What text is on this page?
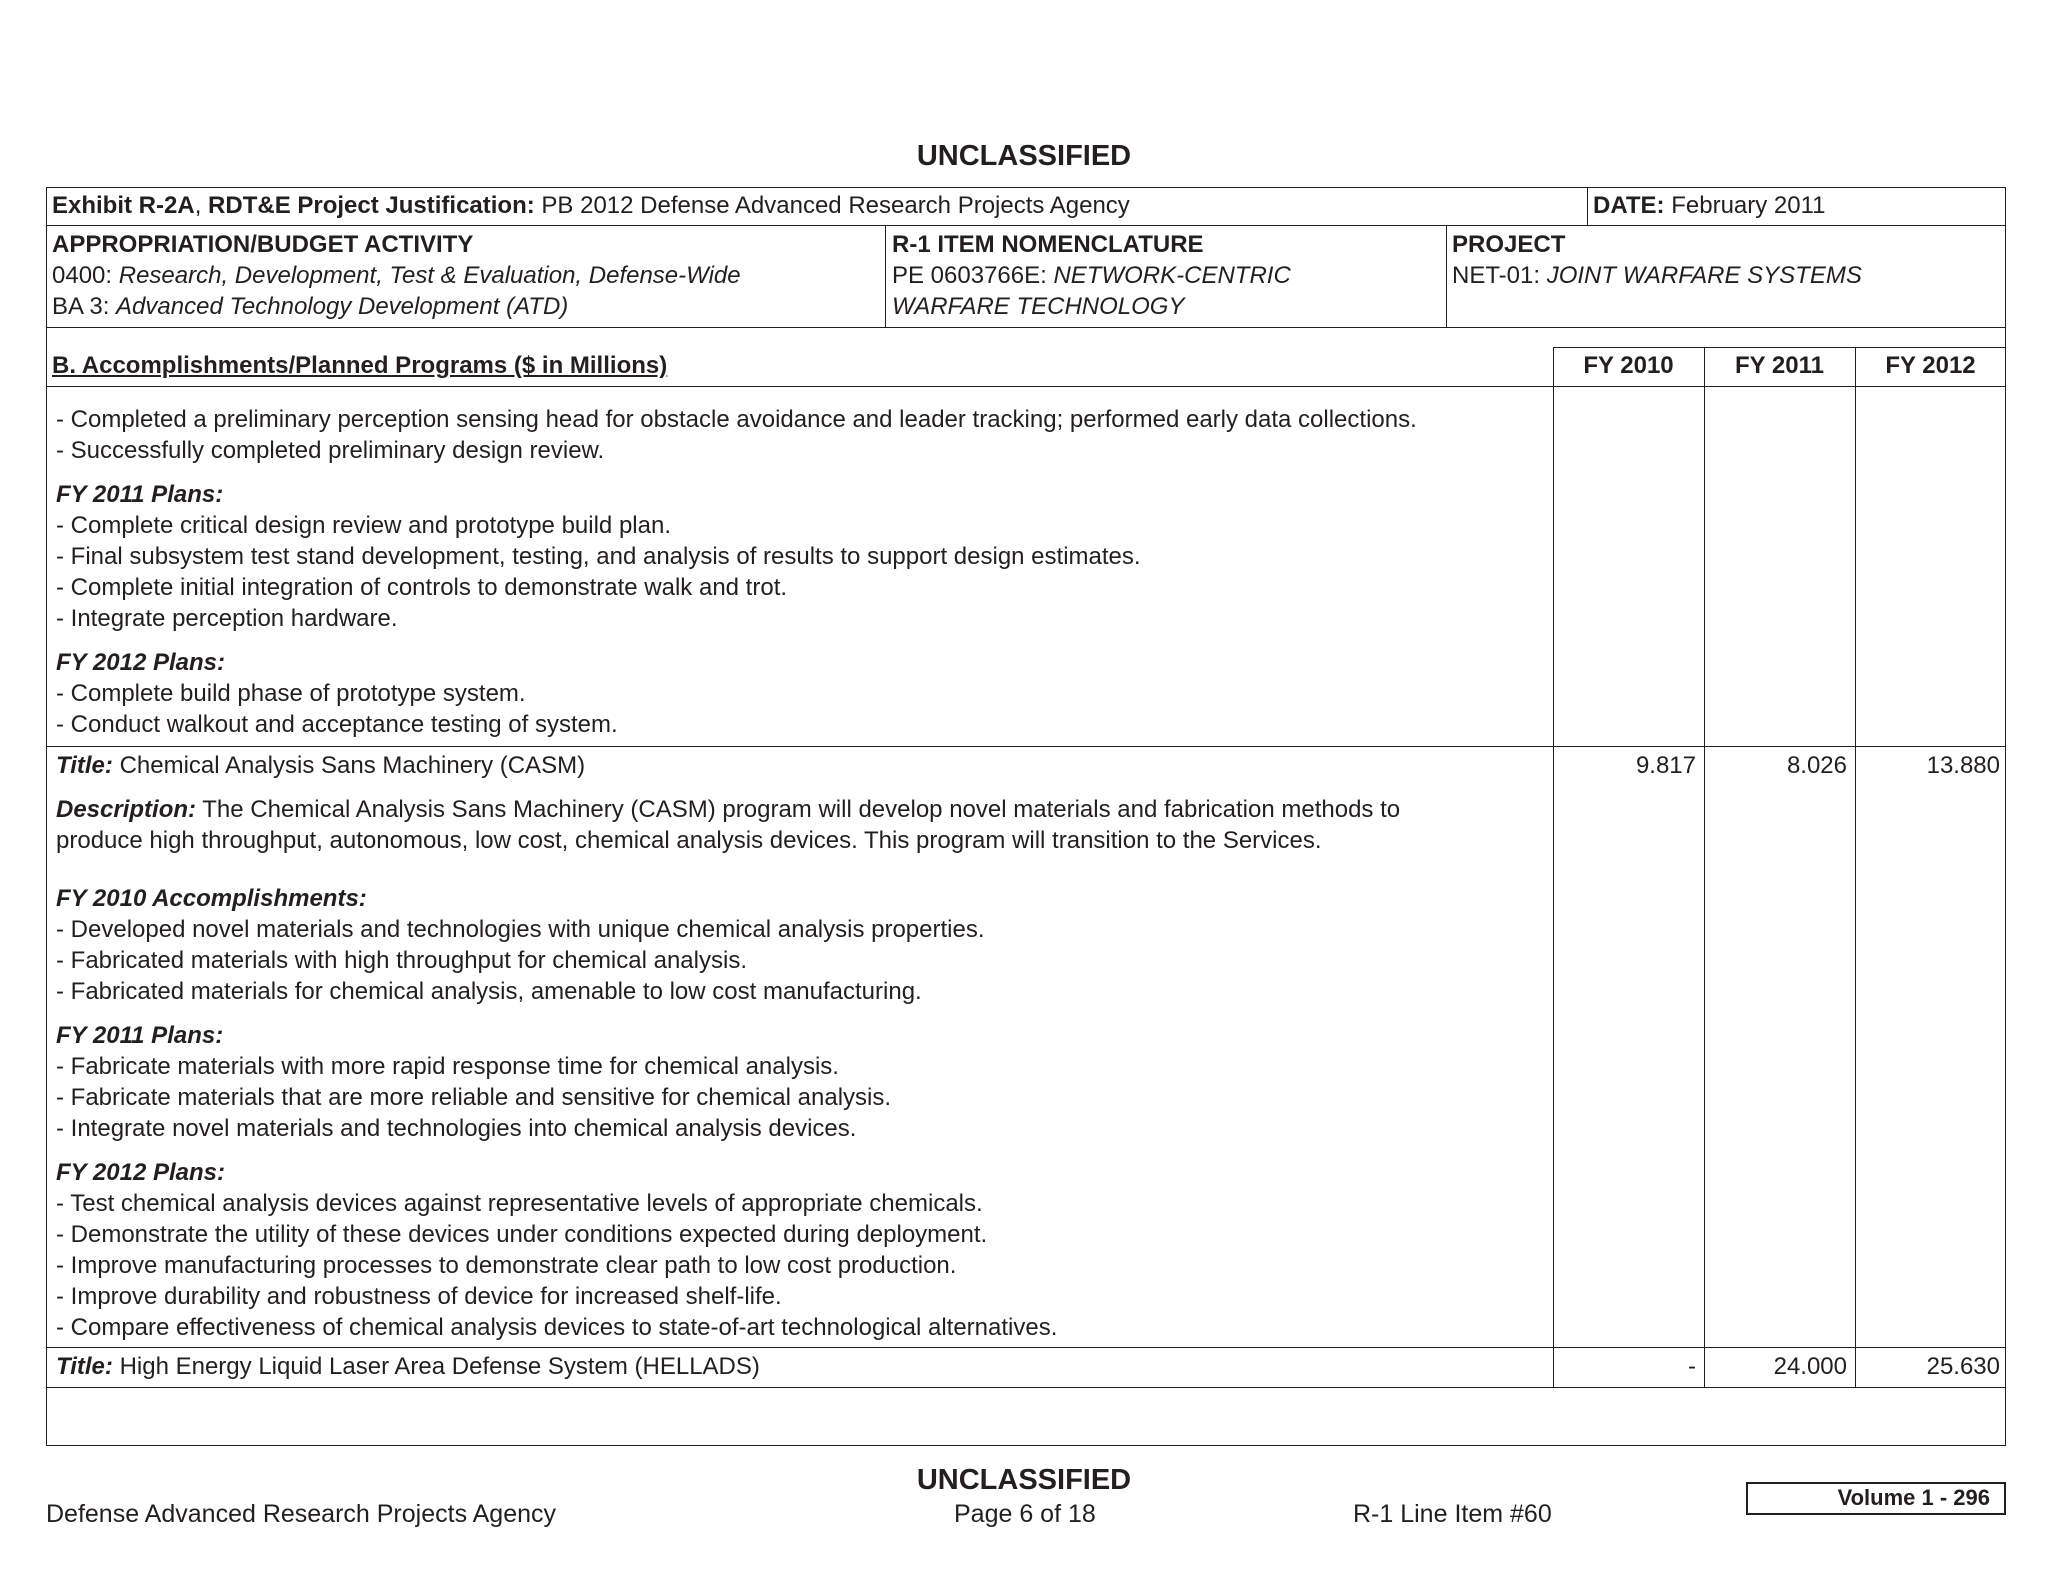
UNCLASSIFIED
Exhibit R-2A, RDT&E Project Justification: PB 2012 Defense Advanced Research Projects Agency	DATE: February 2011
APPROPRIATION/BUDGET ACTIVITY
0400: Research, Development, Test & Evaluation, Defense-Wide
BA 3: Advanced Technology Development (ATD)
R-1 ITEM NOMENCLATURE
PE 0603766E: NETWORK-CENTRIC
WARFARE TECHNOLOGY
PROJECT
NET-01: JOINT WARFARE SYSTEMS
B. Accomplishments/Planned Programs ($ in Millions)	FY 2010	FY 2011	FY 2012
- Completed a preliminary perception sensing head for obstacle avoidance and leader tracking; performed early data collections.
- Successfully completed preliminary design review.
FY 2011 Plans:
- Complete critical design review and prototype build plan.
- Final subsystem test stand development, testing, and analysis of results to support design estimates.
- Complete initial integration of controls to demonstrate walk and trot.
- Integrate perception hardware.
FY 2012 Plans:
- Complete build phase of prototype system.
- Conduct walkout and acceptance testing of system.
Title: Chemical Analysis Sans Machinery (CASM)	9.817	8.026	13.880
Description: The Chemical Analysis Sans Machinery (CASM) program will develop novel materials and fabrication methods to
produce high throughput, autonomous, low cost, chemical analysis devices. This program will transition to the Services.
FY 2010 Accomplishments:
- Developed novel materials and technologies with unique chemical analysis properties.
- Fabricated materials with high throughput for chemical analysis.
- Fabricated materials for chemical analysis, amenable to low cost manufacturing.
FY 2011 Plans:
- Fabricate materials with more rapid response time for chemical analysis.
- Fabricate materials that are more reliable and sensitive for chemical analysis.
- Integrate novel materials and technologies into chemical analysis devices.
FY 2012 Plans:
- Test chemical analysis devices against representative levels of appropriate chemicals.
- Demonstrate the utility of these devices under conditions expected during deployment.
- Improve manufacturing processes to demonstrate clear path to low cost production.
- Improve durability and robustness of device for increased shelf-life.
- Compare effectiveness of chemical analysis devices to state-of-art technological alternatives.
Title: High Energy Liquid Laser Area Defense System (HELLADS)	-	24.000	25.630
UNCLASSIFIED
Defense Advanced Research Projects Agency	Page 6 of 18	R-1 Line Item #60
Volume 1 - 296
